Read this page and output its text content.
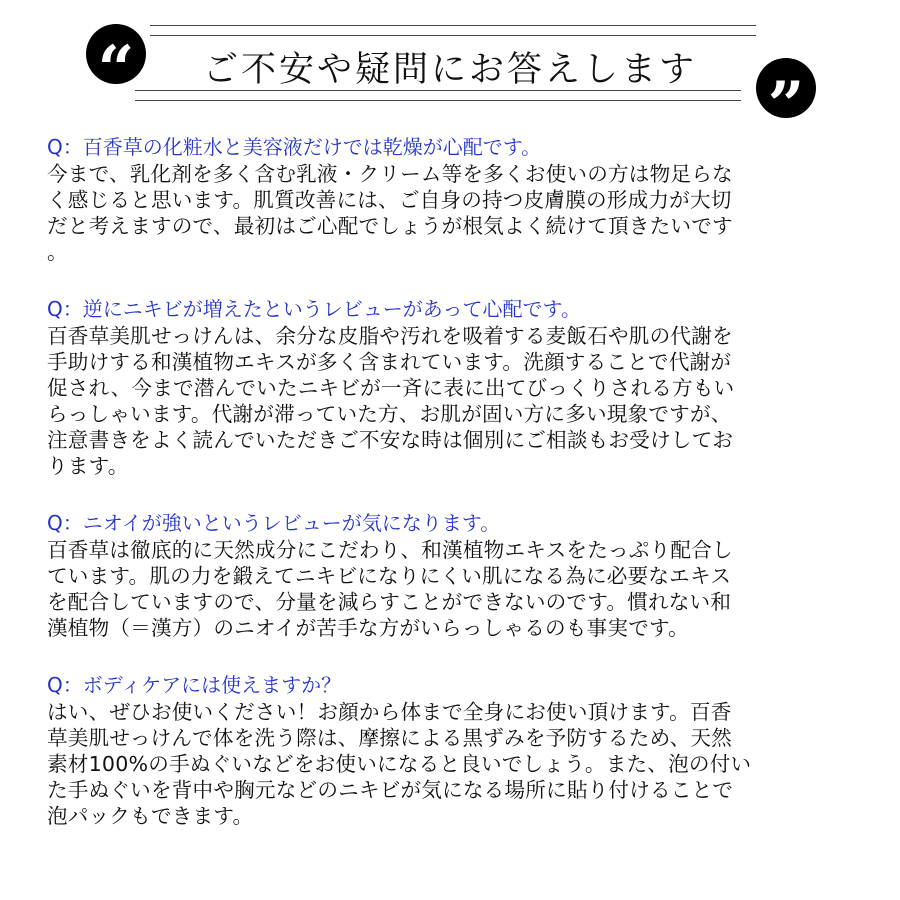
“	ご不安や疑問にお答えします	”
Q：百香草の化粧水と美容液だけでは乾燥が心配です。
今まで、乳化剤を多く含む乳液・クリーム等を多くお使いの方は物足らな
く感じると思います。肌質改善には、ご自身の持つ皮膚膜の形成力が大切
だと考えますので、最初はご心配でしょうが根気よく続けて頂きたいです
。
Q：逆にニキビが増えたというレビューがあって心配です。
百香草美肌せっけんは、余分な皮脂や汚れを吸着する麦飯石や肌の代謝を
手助けする和漢植物エキスが多く含まれています。洗顔することで代謝が
促され、今まで潜んでいたニキビが一斉に表に出てびっくりされる方もい
らっしゃいます。代謝が滞っていた方、お肌が固い方に多い現象ですが、
注意書きをよく読んでいただきご不安な時は個別にご相談もお受けしてお
ります。
Q：ニオイが強いというレビューが気になります。
百香草は徹底的に天然成分にこだわり、和漢植物エキスをたっぷり配合し
ています。肌の力を鍛えてニキビになりにくい肌になる為に必要なエキス
を配合していますので、分量を減らすことができないのです。慣れない和
漢植物（＝漢方）のニオイが苦手な方がいらっしゃるのも事実です。
Q：ボディケアには使えますか？
はい、ぜひお使いください！お顔から体まで全身にお使い頂けます。百香
草美肌せっけんで体を洗う際は、摩擦による黒ずみを予防するため、天然
素材100%の手ぬぐいなどをお使いになると良いでしょう。また、泡の付い
た手ぬぐいを背中や胸元などのニキビが気になる場所に貼り付けることで
泡パックもできます。
